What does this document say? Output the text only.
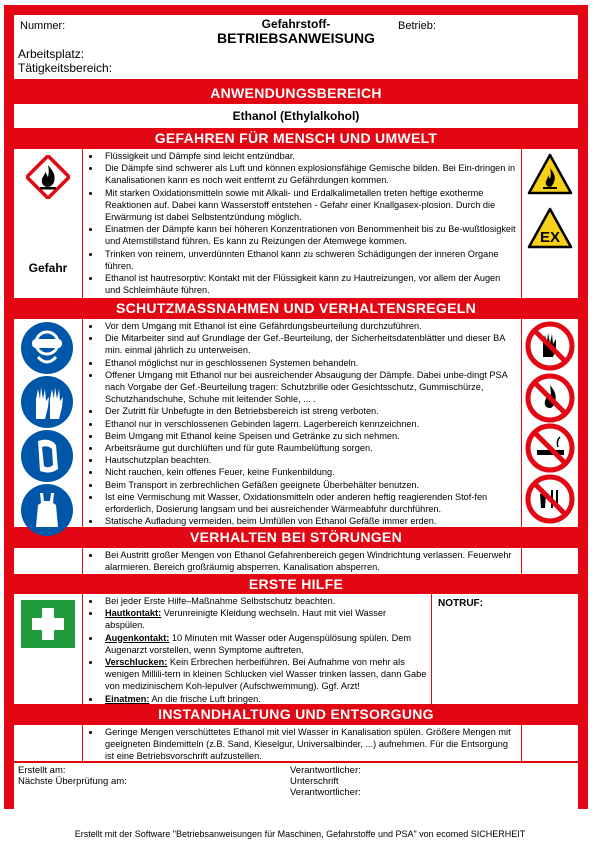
Nummer:	Gefahrstoff-
BETRIEBSANWEISUNG
Betrieb:
Arbeitsplatz:
Tätigkeitsbereich:
ANWENDUNGSBEREICH
Ethanol (Ethylalkohol)
GEFAHREN FÜR MENSCH UND UMWELT
Gefahr
• Flüssigkeit und Dämpfe sind leicht entzündbar.
• Die Dämpfe sind schwerer als Luft und können explosionsfähige Gemische bilden. Bei Ein-dringen in Kanalisationen kann es noch weit entfernt zu Gefährdungen kommen.
• Mit starken Oxidationsmitteln sowie mit Alkali- und Erdalkalimetallen treten heftige exotherme Reaktionen auf. Dabei kann Wasserstoff entstehen - Gefahr einer Knallgasex-plosion. Durch die Erwärmung ist dabei Selbstentzündung möglich.
• Einatmen der Dämpfe kann bei höheren Konzentrationen von Benommenheit bis zu Be-wußtlosigkeit und Atemstillstand führen. Es kann zu Reizungen der Atemwege kommen.
• Trinken von reinem, unverdünnten Ethanol kann zu schweren Schädigungen der inneren Organe führen.
• Ethanol ist hautresorptiv: Kontakt mit der Flüssigkeit kann zu Hautreizungen, vor allem der Augen und Schleimhäute führen.
EX
SCHUTZMASSNAHMEN UND VERHALTENSREGELN
• Vor dem Umgang mit Ethanol ist eine Gefährdungsbeurteilung durchzuführen.
• Die Mitarbeiter sind auf Grundlage der Gef.-Beurteilung, der Sicherheitsdatenblätter und dieser BA min. einmal jährlich zu unterweisen.
• Ethanol möglichst nur in geschlossenen Systemen behandeln.
• Offener Umgang mit Ethanol nur bei ausreichender Absaugung der Dämpfe. Dabei unbe-dingt PSA nach Vorgabe der Gef.-Beurteilung tragen: Schutzbrille oder Gesichtsschutz, Gummischürze, Schutzhandschuhe, Schuhe mit leitender Sohle, ... .
• Der Zutritt für Unbefugte in den Betriebsbereich ist streng verboten.
• Ethanol nur in verschlossenen Gebinden lagern. Lagerbereich kennzeichnen.
• Beim Umgang mit Ethanol keine Speisen und Getränke zu sich nehmen.
• Arbeitsräume gut durchlüften und für gute Raumbelüftung sorgen.
• Hautschutzplan beachten.
• Nicht rauchen, kein offenes Feuer, keine Funkenbildung.
• Beim Transport in zerbrechlichen Gefäßen geeignete Überbehälter benutzen.
• Ist eine Vermischung mit Wasser, Oxidationsmitteln oder anderen heftig reagierenden Stof-fen erforderlich, Dosierung langsam und bei ausreichender Wärmeabfuhr durchführen.
• Statische Aufladung vermeiden, beim Umfüllen von Ethanol Gefäße immer erden.
VERHALTEN BEI STÖRUNGEN
• Bei Austritt großer Mengen von Ethanol Gefahrenbereich gegen Windrichtung verlassen. Feuerwehr alarmieren. Bereich großräumig absperren. Kanalisation absperren.
ERSTE HILFE
• Bei jeder Erste Hilfe–Maßnahme Selbstschutz beachten.
• Hautkontakt: Verunreinigte Kleidung wechseln. Haut mit viel Wasser abspülen.
• Augenkontakt: 10 Minuten mit Wasser oder Augenspülösung spülen. Dem Augenarzt vorstellen, wenn Symptome auftreten.
• Verschlucken: Kein Erbrechen herbeiführen. Bei Aufnahme von mehr als wenigen Millili-tern in kleinen Schlucken viel Wasser trinken lassen, dann Gabe von medizinischem Koh-lepulver (Aufschwemmung). Ggf. Arzt!
• Einatmen: An die frische Luft bringen.
NOTRUF:
INSTANDHALTUNG UND ENTSORGUNG
• Geringe Mengen verschüttetes Ethanol mit viel Wasser in Kanalisation spülen. Größere Mengen mit geeigneten Bindemitteln (z.B. Sand, Kieselgur, Universalbinder, ...) aufnehmen. Für die Entsorgung ist eine Betriebsvorschrift aufzustellen.
Erstellt am:
Nächste Überprüfung am:
Verantwortlicher:
Unterschrift
Verantwortlicher:
Erstellt mit der Software "Betriebsanweisungen für Maschinen, Gefahrstoffe und PSA" von ecomed SICHERHEIT
